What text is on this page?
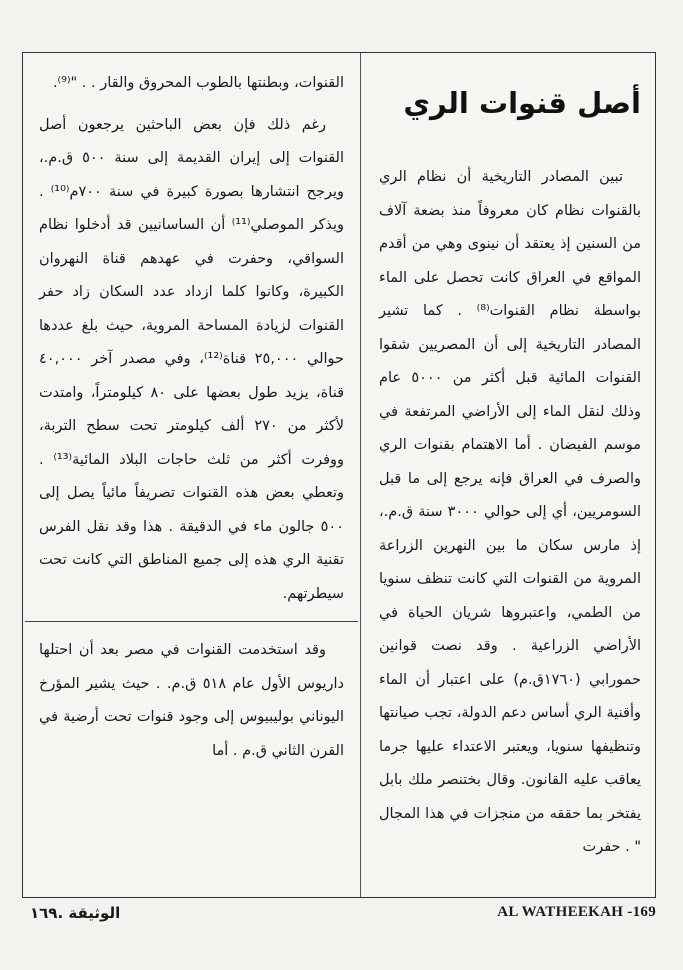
أصل قنوات الري

تبين المصادر التاريخية أن نظام الري بالقنوات نظام كان معروفاً منذ بضعة آلاف من السنين إذ يعتقد أن نينوى وهي من أقدم المواقع في العراق كانت تحصل على الماء بواسطة نظام القنوات⁽⁸⁾ . كما تشير المصادر التاريخية إلى أن المصريين شقوا القنوات المائية قبل أكثر من ٥٠٠٠ عام وذلك لنقل الماء إلى الأراضي المرتفعة في موسم الفيضان . أما الاهتمام بقنوات الري والصرف في العراق فإنه يرجع إلى ما قبل السومريين، أي إلى حوالي ٣٠٠٠ سنة ق.م.، إذ مارس سكان ما بين النهرين الزراعة المروية من القنوات التي كانت تنظف سنويا من الطمي، واعتبروها شريان الحياة في الأراضي الزراعية . وقد نصت قوانين حمورابي (١٧٦٠ق.م) على اعتبار أن الماء وأقنية الري أساس دعم الدولة، تجب صيانتها وتنظيفها سنويا، ويعتبر الاعتداء عليها جرما يعاقب عليه القانون. وقال بختنصر ملك بابل يفتخر بما حققه من منجزات في هذا المجال " . حفرت

القنوات، وبطنتها بالطوب المحروق والقار . . "⁽⁹⁾.

رغم ذلك فإن بعض الباحثين يرجعون أصل القنوات إلى إيران القديمة إلى سنة ٥٠٠ ق.م.، ويرجح انتشارها بصورة كبيرة في سنة ٧٠٠م⁽¹⁰⁾ . ويذكر الموصلي⁽¹¹⁾ أن الساسانيين قد أدخلوا نظام السواقي، وحفرت في عهدهم قناة النهروان الكبيرة، وكانوا كلما ازداد عدد السكان زاد حفر القنوات لزيادة المساحة المروية، حيث بلغ عددها حوالي ٢٥,٠٠٠ قناة⁽¹²⁾، وفي مصدر آخر ٤٠,٠٠٠ قناة، يزيد طول بعضها على ٨٠ كيلومتراً، وامتدت لأكثر من ٢٧٠ ألف كيلومتر تحت سطح التربة، ووفرت أكثر من ثلث حاجات البلاد المائية⁽¹³⁾ . وتعطي بعض هذه القنوات تصريفاً مائياً يصل إلى ٥٠٠ جالون ماء في الدقيقة . هذا وقد نقل الفرس تقنية الري هذه إلى جميع المناطق التي كانت تحت سيطرتهم.

وقد استخدمت القنوات في مصر بعد أن احتلها داريوس الأول عام ٥١٨ ق.م. . حيث يشير المؤرخ اليوناني بوليبيوس إلى وجود قنوات تحت أرضية في القرن الثاني ق.م . أما

الوثيقة .١٦٩	AL WATHEEKAH -169
